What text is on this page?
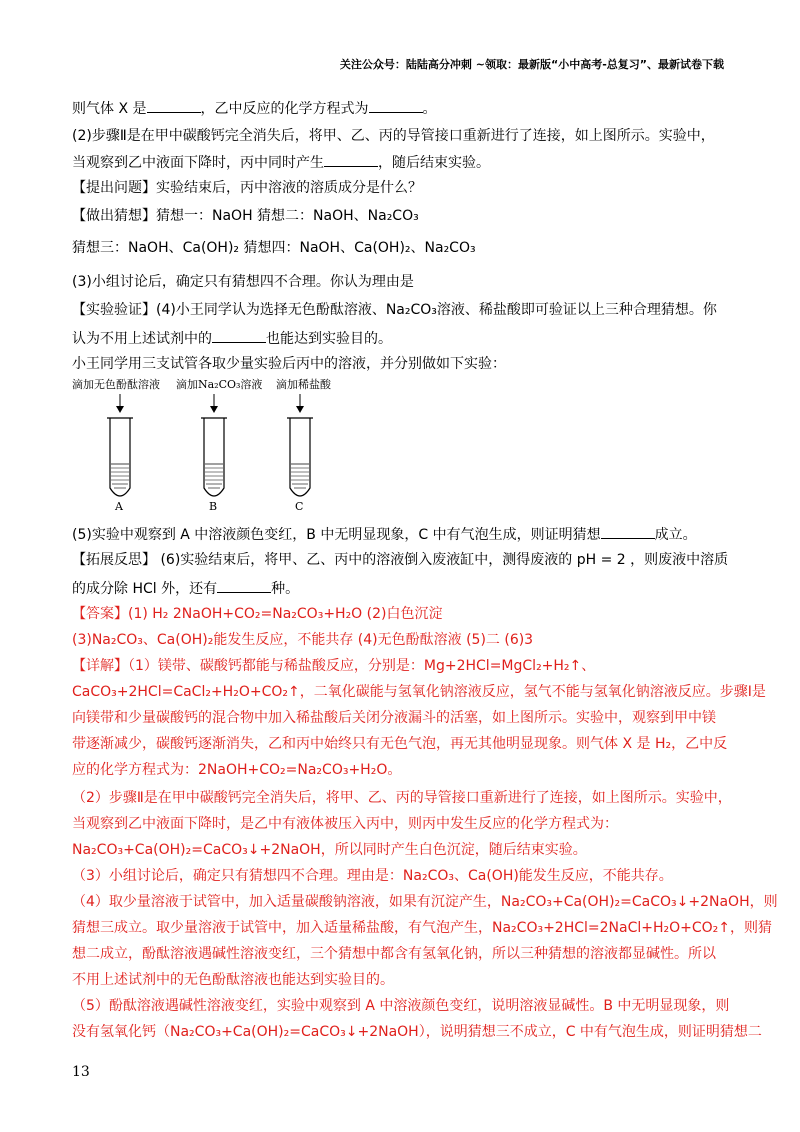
关注公众号：陆陆高分冲刺 ~领取：最新版“小中高考-总复习”、最新试卷下载
则气体 X 是	，乙中反应的化学方程式为	。
(2)步骤Ⅱ是在甲中碳酸钙完全消失后，将甲、乙、丙的导管接口重新进行了连接，如上图所示。实验中，
当观察到乙中液面下降时，丙中同时产生	，随后结束实验。
【提出问题】实验结束后，丙中溶液的溶质成分是什么？
【做出猜想】猜想一：NaOH 猜想二：NaOH、Na₂CO₃
猜想三：NaOH、Ca(OH)₂ 猜想四：NaOH、Ca(OH)₂、Na₂CO₃
(3)小组讨论后，确定只有猜想四不合理。你认为理由是
【实验验证】(4)小王同学认为选择无色酚酞溶液、Na₂CO₃溶液、稀盐酸即可验证以上三种合理猜想。你
认为不用上述试剂中的	也能达到实验目的。
小王同学用三支试管各取少量实验后丙中的溶液，并分别做如下实验：
(5)实验中观察到 A 中溶液颜色变红，B 中无明显现象，C 中有气泡生成，则证明猜想	成立。
【拓展反思】 (6)实验结束后，将甲、乙、丙中的溶液倒入废液缸中，测得废液的 pH = 2 ，则废液中溶质
的成分除 HCl 外，还有	种。
【答案】(1) H₂ 2NaOH+CO₂=Na₂CO₃+H₂O (2)白色沉淀
(3)Na₂CO₃、Ca(OH)₂能发生反应，不能共存 (4)无色酚酞溶液 (5)二 (6)3
【详解】（1）镁带、碳酸钙都能与稀盐酸反应，分别是：Mg+2HCl=MgCl₂+H₂↑、
CaCO₃+2HCl=CaCl₂+H₂O+CO₂↑，二氧化碳能与氢氧化钠溶液反应，氢气不能与氢氧化钠溶液反应。步骤Ⅰ是
向镁带和少量碳酸钙的混合物中加入稀盐酸后关闭分液漏斗的活塞，如上图所示。实验中，观察到甲中镁
带逐渐减少，碳酸钙逐渐消失，乙和丙中始终只有无色气泡，再无其他明显现象。则气体 X 是 H₂，乙中反
应的化学方程式为：2NaOH+CO₂=Na₂CO₃+H₂O。
（2）步骤Ⅱ是在甲中碳酸钙完全消失后，将甲、乙、丙的导管接口重新进行了连接，如上图所示。实验中，
当观察到乙中液面下降时，是乙中有液体被压入丙中，则丙中发生反应的化学方程式为：
Na₂CO₃+Ca(OH)₂=CaCO₃↓+2NaOH，所以同时产生白色沉淀，随后结束实验。
（3）小组讨论后，确定只有猜想四不合理。理由是：Na₂CO₃、Ca(OH)能发生反应，不能共存。
（4）取少量溶液于试管中，加入适量碳酸钠溶液，如果有沉淀产生，Na₂CO₃+Ca(OH)₂=CaCO₃↓+2NaOH，则
猜想三成立。取少量溶液于试管中，加入适量稀盐酸，有气泡产生，Na₂CO₃+2HCl=2NaCl+H₂O+CO₂↑，则猜
想二成立，酚酞溶液遇碱性溶液变红，三个猜想中都含有氢氧化钠，所以三种猜想的溶液都显碱性。所以
不用上述试剂中的无色酚酞溶液也能达到实验目的。
（5）酚酞溶液遇碱性溶液变红，实验中观察到 A 中溶液颜色变红，说明溶液显碱性。B 中无明显现象，则
没有氢氧化钙（Na₂CO₃+Ca(OH)₂=CaCO₃↓+2NaOH），说明猜想三不成立，C 中有气泡生成，则证明猜想二
滴加无色酚酞溶液 滴加Na₂CO₃溶液 滴加稀盐酸
A	B	C
13
